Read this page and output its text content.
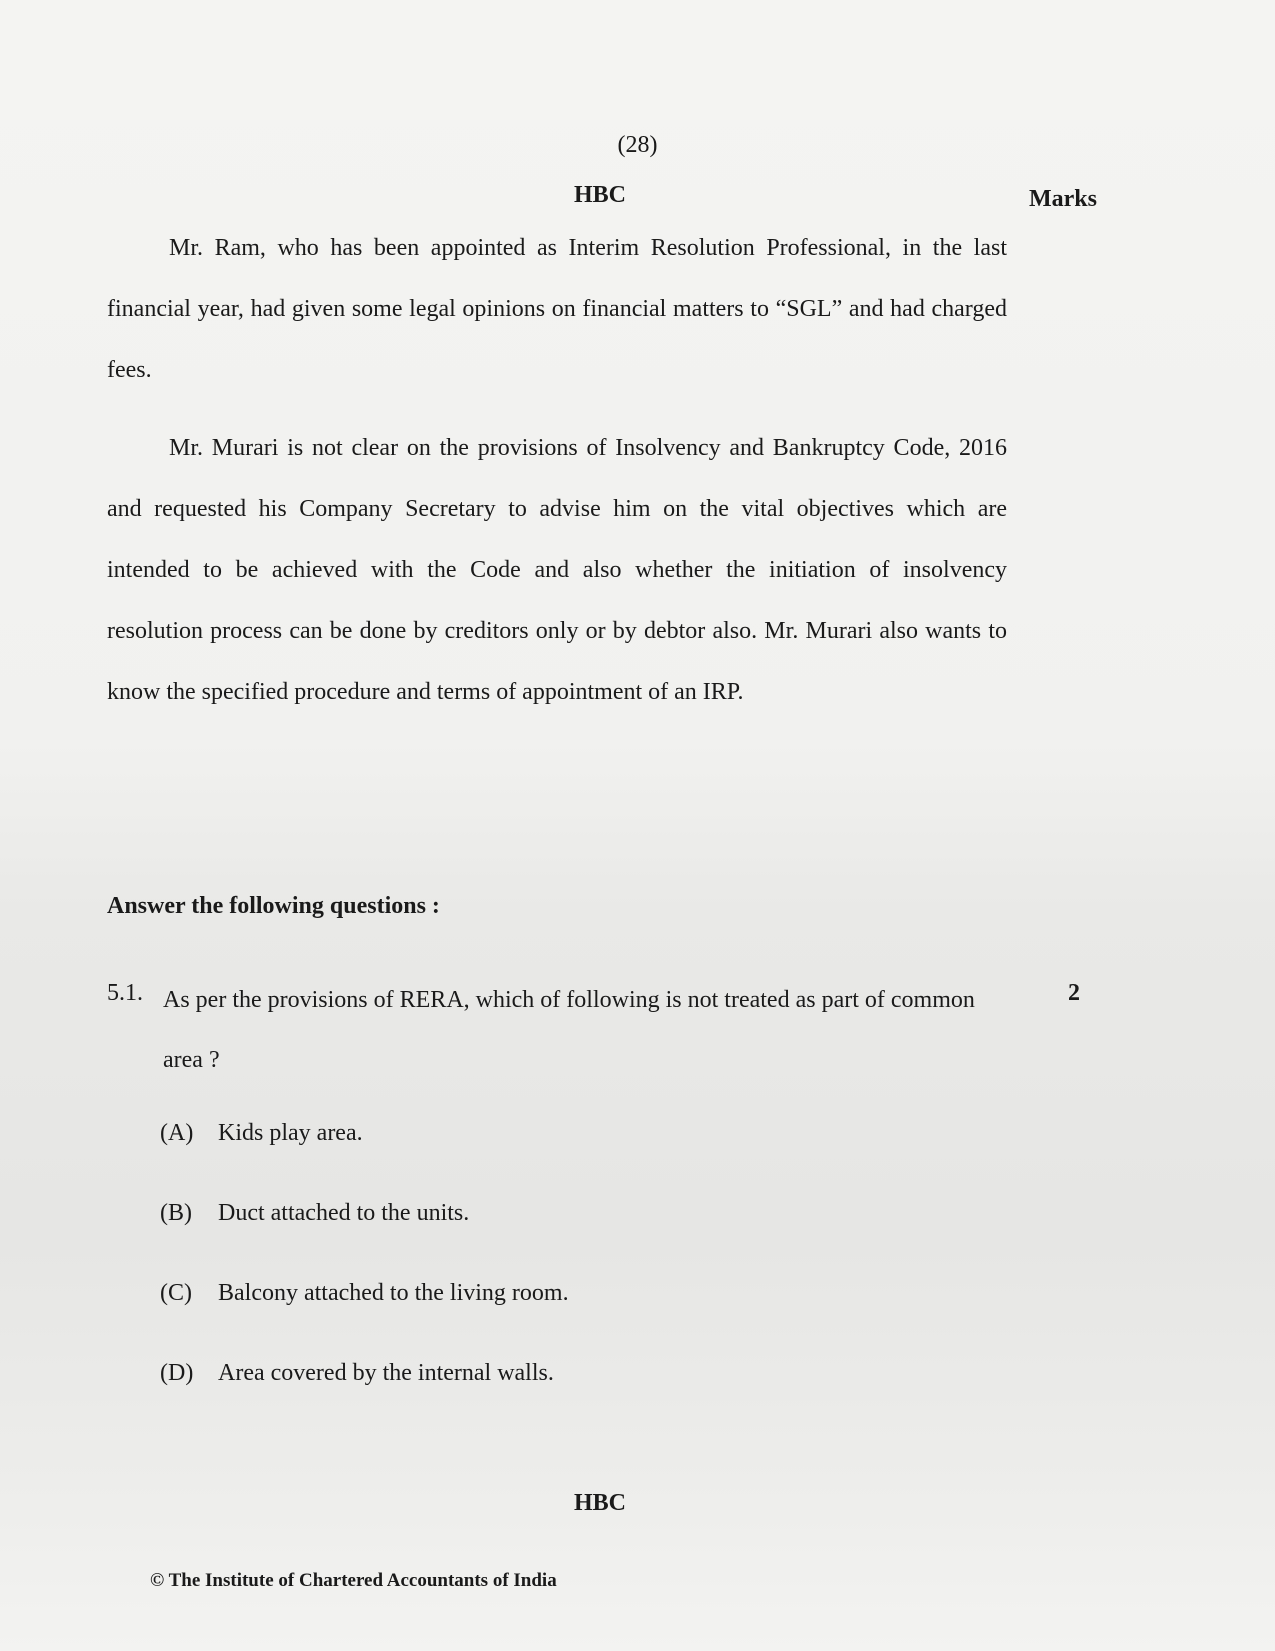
(28)
HBC	Marks
Mr. Ram, who has been appointed as Interim Resolution Professional, in the last financial year, had given some legal opinions on financial matters to “SGL” and had charged fees.
Mr. Murari is not clear on the provisions of Insolvency and Bankruptcy Code, 2016 and requested his Company Secretary to advise him on the vital objectives which are intended to be achieved with the Code and also whether the initiation of insolvency resolution process can be done by creditors only or by debtor also. Mr. Murari also wants to know the specified procedure and terms of appointment of an IRP.
Answer the following questions :
5.1. As per the provisions of RERA, which of following is not treated as part of common area ?
2
(A) Kids play area.
(B) Duct attached to the units.
(C) Balcony attached to the living room.
(D) Area covered by the internal walls.
HBC
© The Institute of Chartered Accountants of India
